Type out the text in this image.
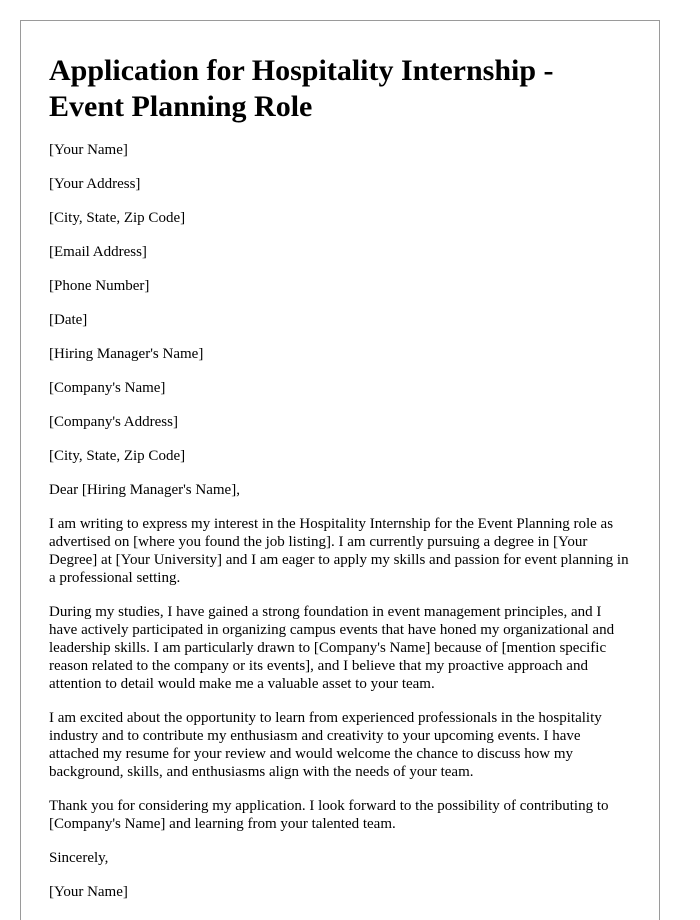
Application for Hospitality Internship - Event Planning Role

[Your Name]

[Your Address]

[City, State, Zip Code]

[Email Address]

[Phone Number]

[Date]

[Hiring Manager's Name]

[Company's Name]

[Company's Address]

[City, State, Zip Code]

Dear [Hiring Manager's Name],

I am writing to express my interest in the Hospitality Internship for the Event Planning role as advertised on [where you found the job listing]. I am currently pursuing a degree in [Your Degree] at [Your University] and I am eager to apply my skills and passion for event planning in a professional setting.

During my studies, I have gained a strong foundation in event management principles, and I have actively participated in organizing campus events that have honed my organizational and leadership skills. I am particularly drawn to [Company's Name] because of [mention specific reason related to the company or its events], and I believe that my proactive approach and attention to detail would make me a valuable asset to your team.

I am excited about the opportunity to learn from experienced professionals in the hospitality industry and to contribute my enthusiasm and creativity to your upcoming events. I have attached my resume for your review and would welcome the chance to discuss how my background, skills, and enthusiasms align with the needs of your team.

Thank you for considering my application. I look forward to the possibility of contributing to [Company's Name] and learning from your talented team.

Sincerely,

[Your Name]
